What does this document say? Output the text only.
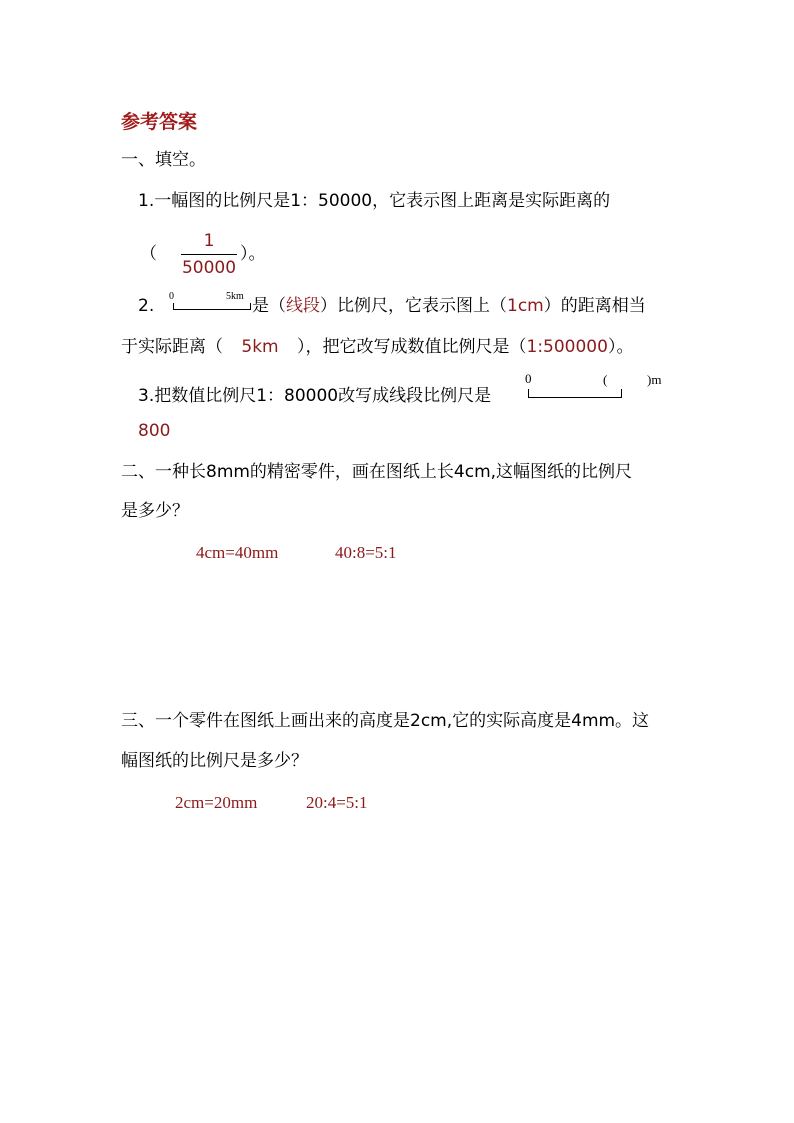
参考答案
一、填空。
1.一幅图的比例尺是1：50000，它表示图上距离是实际距离的
（
1
50000
）。
2. 0	5km 是（线段）比例尺，它表示图上（1cm）的距离相当
于实际距离（ 5km ），把它改写成数值比例尺是（1:500000）。
3.把数值比例尺1：80000改写成线段比例尺是
0	(	)m
800
二、一种长8mm的精密零件，画在图纸上长4cm,这幅图纸的比例尺
是多少？
4cm=40mm	40:8=5:1
三、一个零件在图纸上画出来的高度是2cm,它的实际高度是4mm。这
幅图纸的比例尺是多少？
2cm=20mm	20:4=5:1
